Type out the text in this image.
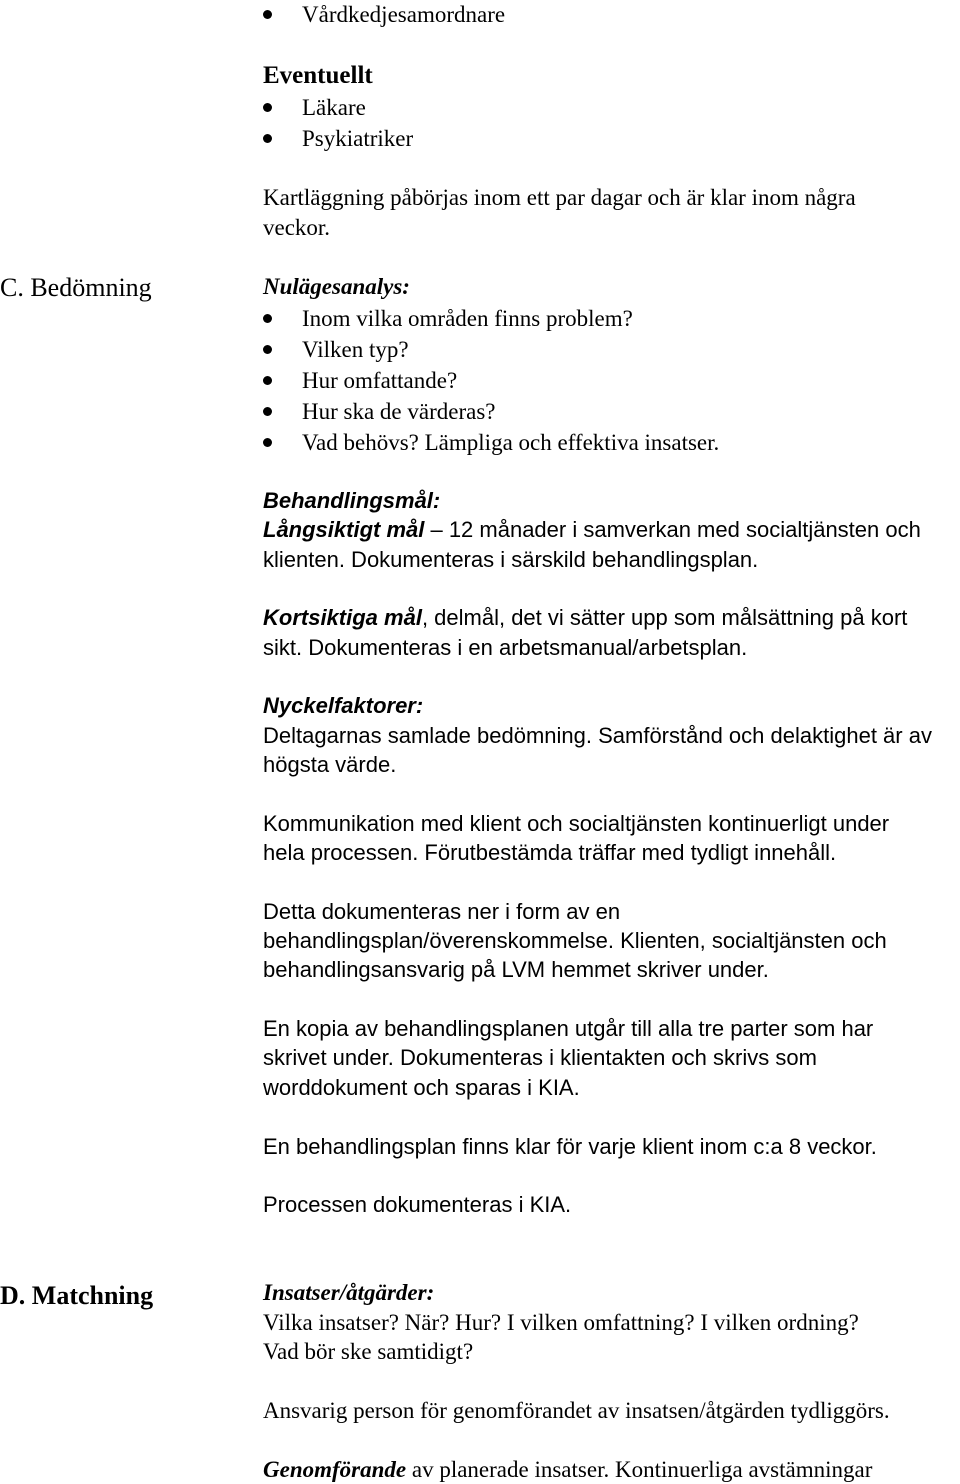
Vårdkedjesamordnare
Eventuellt
Läkare
Psykiatriker
Kartläggning påbörjas inom ett par dagar och är klar inom några
veckor.
C. Bedömning	Nulägesanalys:
Inom vilka områden finns problem?
Vilken typ?
Hur omfattande?
Hur ska de värderas?
Vad behövs? Lämpliga och effektiva insatser.
Behandlingsmål:
Långsiktigt mål – 12 månader i samverkan med socialtjänsten och
klienten. Dokumenteras i särskild behandlingsplan.
Kortsiktiga mål, delmål, det vi sätter upp som målsättning på kort
sikt. Dokumenteras i en arbetsmanual/arbetsplan.
Nyckelfaktorer:
Deltagarnas samlade bedömning. Samförstånd och delaktighet är av
högsta värde.
Kommunikation med klient och socialtjänsten kontinuerligt under
hela processen. Förutbestämda träffar med tydligt innehåll.
Detta dokumenteras ner i form av en
behandlingsplan/överenskommelse. Klienten, socialtjänsten och
behandlingsansvarig på LVM hemmet skriver under.
En kopia av behandlingsplanen utgår till alla tre parter som har
skrivet under. Dokumenteras i klientakten och skrivs som
worddokument och sparas i KIA.
En behandlingsplan finns klar för varje klient inom c:a 8 veckor.
Processen dokumenteras i KIA.
D. Matchning	Insatser/åtgärder:
Vilka insatser? När? Hur? I vilken omfattning? I vilken ordning?
Vad bör ske samtidigt?
Ansvarig person för genomförandet av insatsen/åtgärden tydliggörs.
Genomförande av planerade insatser. Kontinuerliga avstämningar
